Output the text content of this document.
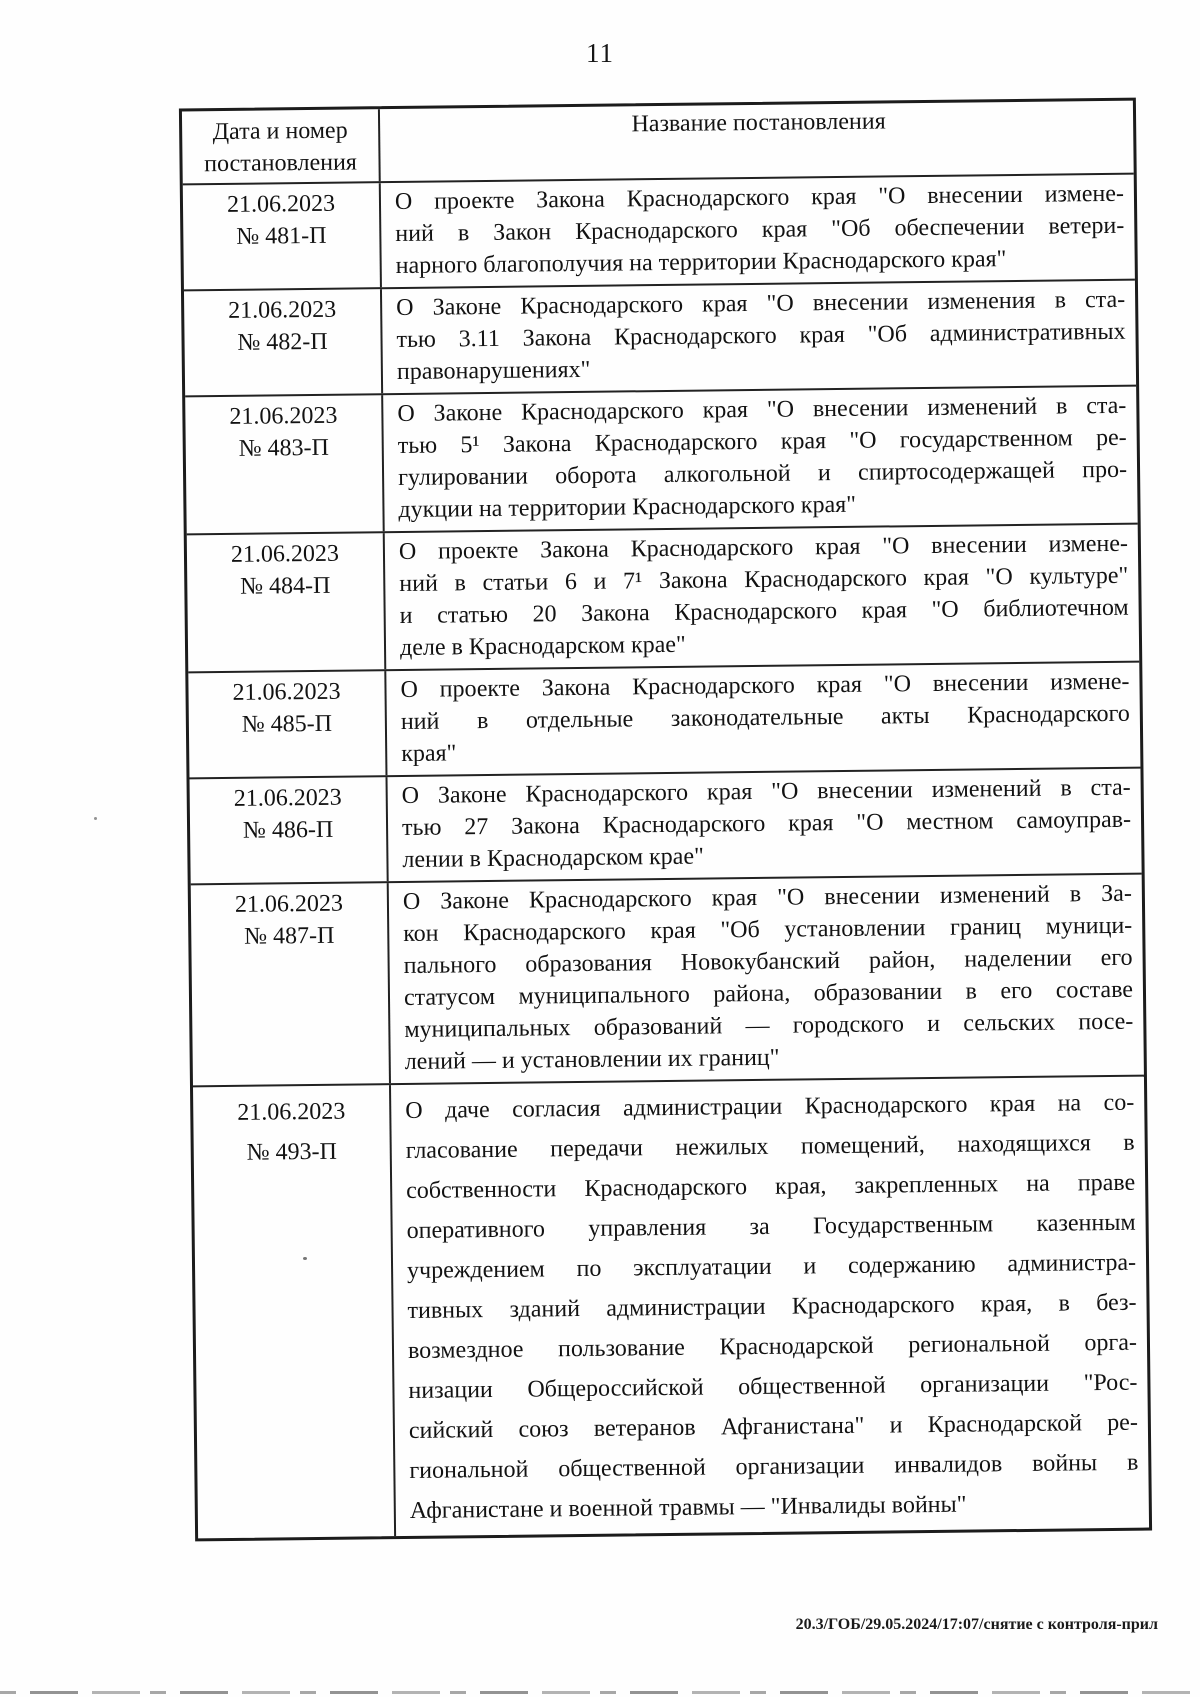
11
Дата и номер
постановления
Название постановления
21.06.2023
№ 481-П
О проекте Закона Краснодарского края "О внесении измене-
ний в Закон Краснодарского края "Об обеспечении ветери-
нарного благополучия на территории Краснодарского края"
21.06.2023
№ 482-П
О Законе Краснодарского края "О внесении изменения в ста-
тью 3.11 Закона Краснодарского края "Об административных
правонарушениях"
21.06.2023
№ 483-П
О Законе Краснодарского края "О внесении изменений в ста-
тью 5¹ Закона Краснодарского края "О государственном ре-
гулировании оборота алкогольной и спиртосодержащей про-
дукции на территории Краснодарского края"
21.06.2023
№ 484-П
О проекте Закона Краснодарского края "О внесении измене-
ний в статьи 6 и 7¹ Закона Краснодарского края "О культуре"
и статью 20 Закона Краснодарского края "О библиотечном
деле в Краснодарском крае"
21.06.2023
№ 485-П
О проекте Закона Краснодарского края "О внесении измене-
ний в отдельные законодательные акты Краснодарского
края"
21.06.2023
№ 486-П
О Законе Краснодарского края "О внесении изменений в ста-
тью 27 Закона Краснодарского края "О местном самоуправ-
лении в Краснодарском крае"
21.06.2023
№ 487-П
О Законе Краснодарского края "О внесении изменений в За-
кон Краснодарского края "Об установлении границ муници-
пального образования Новокубанский район, наделении его
статусом муниципального района, образовании в его составе
муниципальных образований — городского и сельских посе-
лений — и установлении их границ"
21.06.2023
№ 493-П
О даче согласия администрации Краснодарского края на со-
гласование передачи нежилых помещений, находящихся в
собственности Краснодарского края, закрепленных на праве
оперативного управления за Государственным казенным
учреждением по эксплуатации и содержанию администра-
тивных зданий администрации Краснодарского края, в без-
возмездное пользование Краснодарской региональной орга-
низации Общероссийской общественной организации "Рос-
сийский союз ветеранов Афганистана" и Краснодарской ре-
гиональной общественной организации инвалидов войны в
Афганистане и военной травмы — "Инвалиды войны"
20.3/ГОБ/29.05.2024/17:07/снятие с контроля-прил
